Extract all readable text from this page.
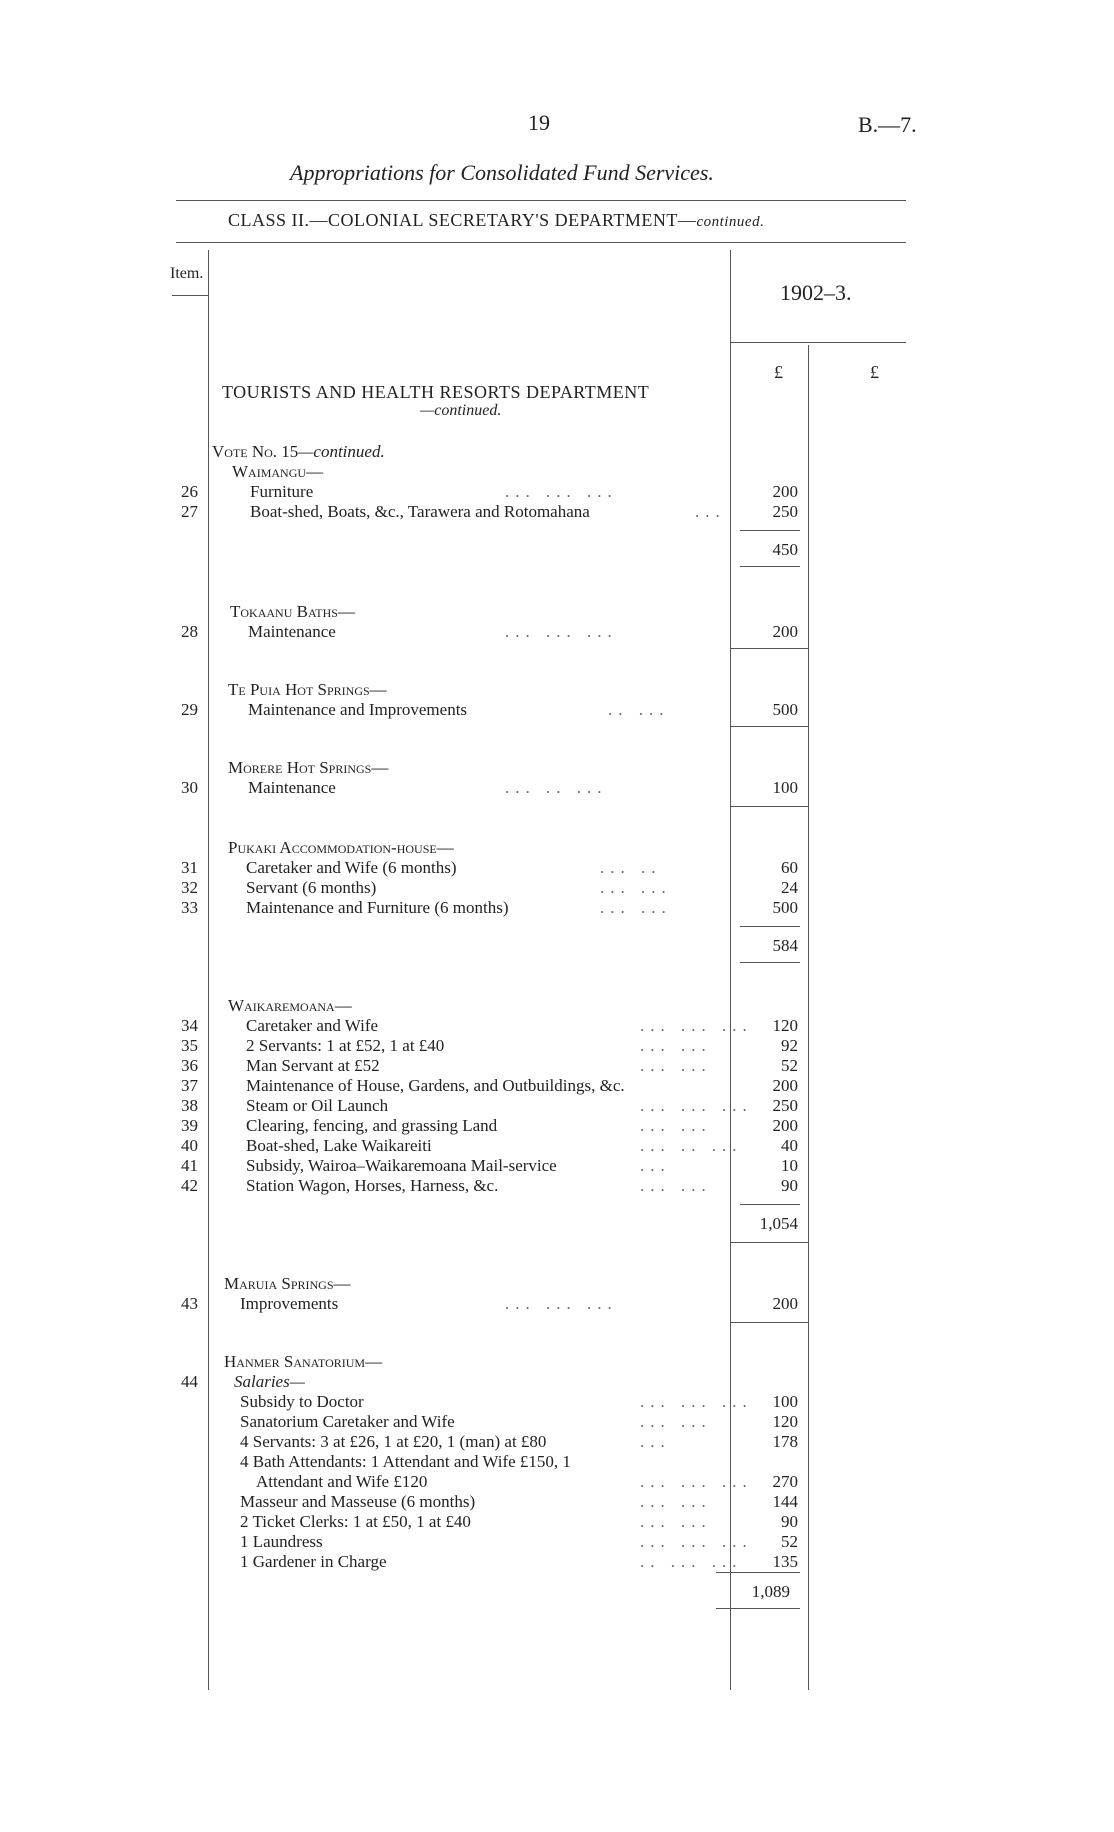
19	B.—7.
Appropriations for Consolidated Fund Services.
CLASS II.—COLONIAL SECRETARY'S DEPARTMENT—continued.
Item.
1902–3.
£	£
TOURISTS AND HEALTH RESORTS DEPARTMENT
—continued.
Vote No. 15—continued.
Waimangu—
26	Furniture	... ... ...	200
27	Boat-shed, Boats, &c., Tarawera and Rotomahana	...	250
450
Tokaanu Baths—
28	Maintenance	... ... ...	200
Te Puia Hot Springs—
29	Maintenance and Improvements	.. ...	500
Morere Hot Springs—
30	Maintenance	... .. ...	100
Pukaki Accommodation-house—
31	Caretaker and Wife (6 months)	... ..	60
32	Servant (6 months)	... ...	24
33	Maintenance and Furniture (6 months)	... ...	500
584
Waikaremoana—
34	Caretaker and Wife	... ... ...	120
35	2 Servants: 1 at £52, 1 at £40	... ...	92
36	Man Servant at £52	... ...	52
37	Maintenance of House, Gardens, and Outbuildings, &c.	200
38	Steam or Oil Launch	... ... ...	250
39	Clearing, fencing, and grassing Land	... ...	200
40	Boat-shed, Lake Waikareiti	... .. ...	40
41	Subsidy, Wairoa–Waikaremoana Mail-service	...	10
42	Station Wagon, Horses, Harness, &c.	... ...	90
1,054
Maruia Springs—
43 Improvements	... ... ...	200
Hanmer Sanatorium—
44 Salaries—
Subsidy to Doctor	... ... ...	100
Sanatorium Caretaker and Wife	... ...	120
4 Servants: 3 at £26, 1 at £20, 1 (man) at £80	...	178
4 Bath Attendants: 1 Attendant and Wife £150, 1
Attendant and Wife £120	... ... ...	270
Masseur and Masseuse (6 months)	... ...	144
2 Ticket Clerks: 1 at £50, 1 at £40	... ...	90
1 Laundress	... ... ...	52
1 Gardener in Charge	.. ... ...	135
1,089
